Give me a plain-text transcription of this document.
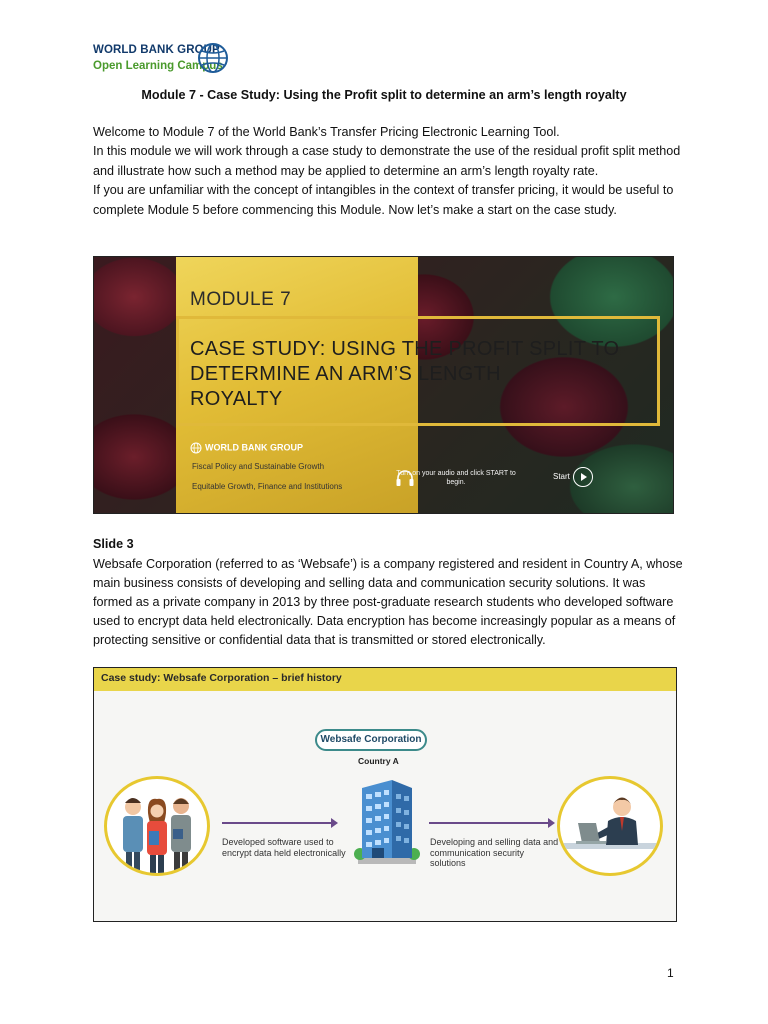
WORLD BANK GROUP
Open Learning Campus
Module 7 - Case Study: Using the Profit split to determine an arm’s length royalty

Welcome to Module 7 of the World Bank’s Transfer Pricing Electronic Learning Tool.

In this module we will work through a case study to demonstrate the use of the residual profit split method and illustrate how such a method may be applied to determine an arm’s length royalty rate.

If you are unfamiliar with the concept of intangibles in the context of transfer pricing, it would be useful to complete Module 5 before commencing this Module. Now let’s make a start on the case study.

MODULE 7
CASE STUDY: USING THE PROFIT SPLIT TO
DETERMINE AN ARM’S LENGTH
ROYALTY
WORLD BANK GROUP
Fiscal Policy and Sustainable Growth
Equitable Growth, Finance and Institutions
Turn on your audio and click START to begin.
Start
Slide 3

Websafe Corporation (referred to as ‘Websafe’) is a company registered and resident in Country A, whose main business consists of developing and selling data and communication security solutions. It was formed as a private company in 2013 by three post-graduate research students who developed software used to encrypt data held electronically. Data encryption has become increasingly popular as a means of protecting sensitive or confidential data that is transmitted or stored electronically.

Case study: Websafe Corporation – brief history
Websafe Corporation
Country A
Developed software used to encrypt data held electronically
Developing and selling data and communication security solutions
1
